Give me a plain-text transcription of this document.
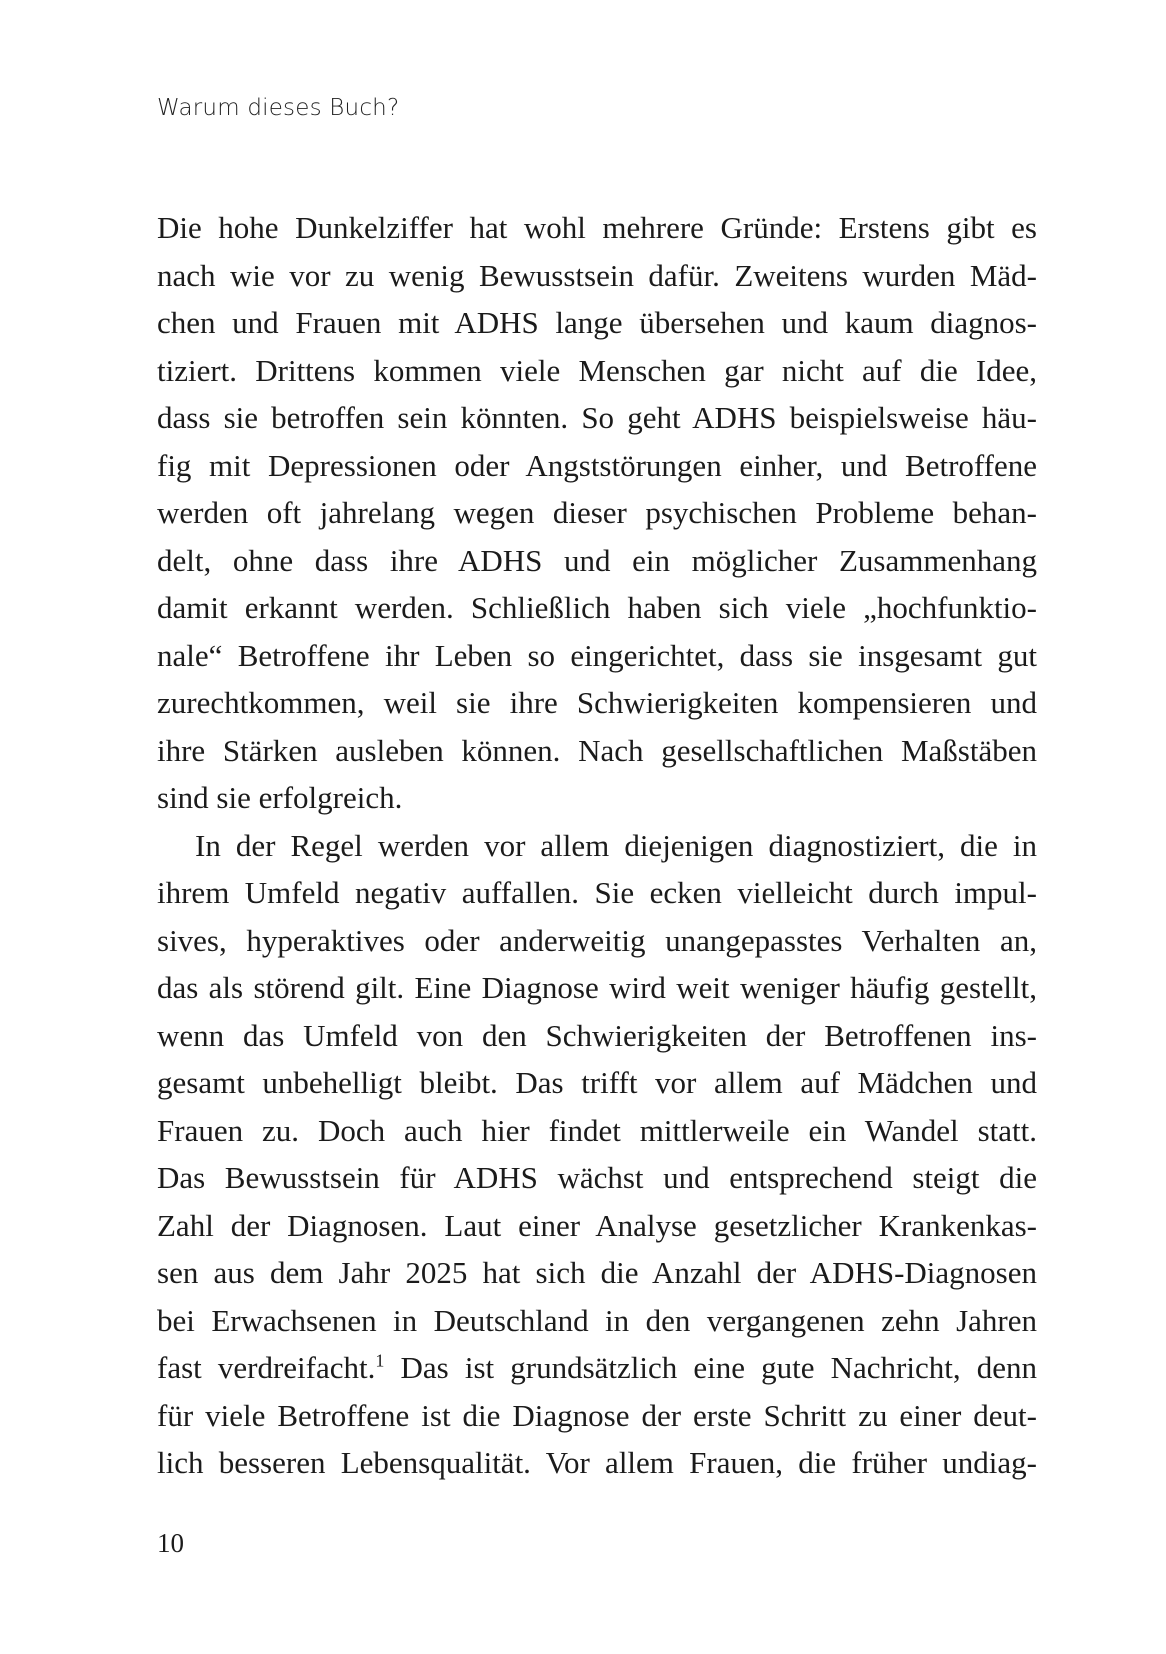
Warum dieses Buch?
Die hohe Dunkelziffer hat wohl mehrere Gründe: Erstens gibt es
nach wie vor zu wenig Bewusstsein dafür. Zweitens wurden Mäd-
chen und Frauen mit ADHS lange übersehen und kaum diagnos-
tiziert. Drittens kommen viele Menschen gar nicht auf die Idee,
dass sie betroffen sein könnten. So geht ADHS beispielsweise häu-
fig mit Depressionen oder Angststörungen einher, und Betroffene
werden oft jahrelang wegen dieser psychischen Probleme behan-
delt, ohne dass ihre ADHS und ein möglicher Zusammenhang
damit erkannt werden. Schließlich haben sich viele „hochfunktio-
nale“ Betroffene ihr Leben so eingerichtet, dass sie insgesamt gut
zurechtkommen, weil sie ihre Schwierigkeiten kompensieren und
ihre Stärken ausleben können. Nach gesellschaftlichen Maßstäben
sind sie erfolgreich.
In der Regel werden vor allem diejenigen diagnostiziert, die in
ihrem Umfeld negativ auffallen. Sie ecken vielleicht durch impul-
sives, hyperaktives oder anderweitig unangepasstes Verhalten an,
das als störend gilt. Eine Diagnose wird weit weniger häufig gestellt,
wenn das Umfeld von den Schwierigkeiten der Betroffenen ins-
gesamt unbehelligt bleibt. Das trifft vor allem auf Mädchen und
Frauen zu. Doch auch hier findet mittlerweile ein Wandel statt.
Das Bewusstsein für ADHS wächst und entsprechend steigt die
Zahl der Diagnosen. Laut einer Analyse gesetzlicher Krankenkas-
sen aus dem Jahr 2025 hat sich die Anzahl der ADHS-Diagnosen
bei Erwachsenen in Deutschland in den vergangenen zehn Jahren
fast verdreifacht.$^1$ Das ist grundsätzlich eine gute Nachricht, denn
für viele Betroffene ist die Diagnose der erste Schritt zu einer deut-
lich besseren Lebensqualität. Vor allem Frauen, die früher undiag-
10
